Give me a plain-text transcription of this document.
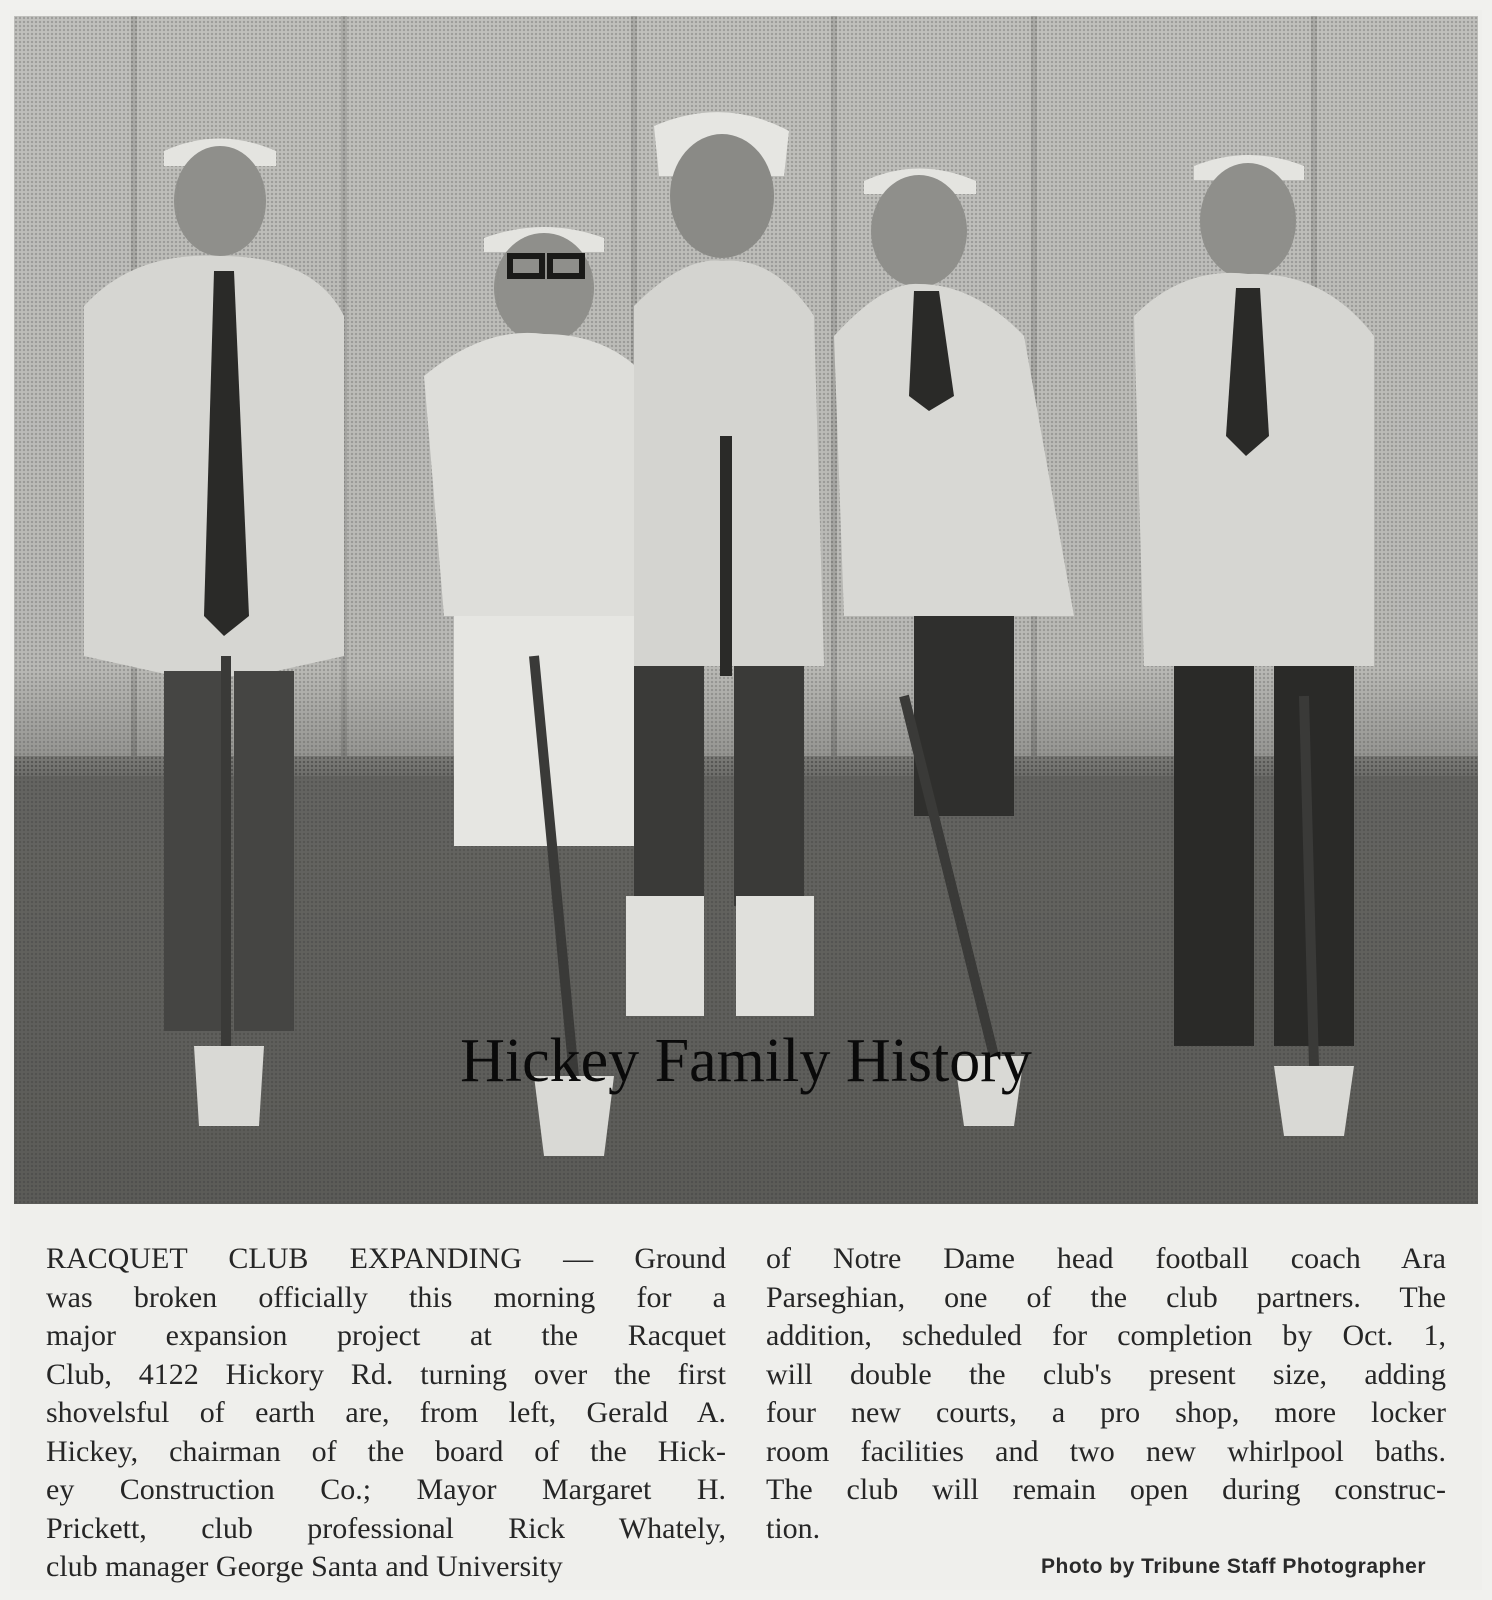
Hickey Family History
RACQUET CLUB EXPANDING — Ground
was broken officially this morning for a
major expansion project at the Racquet
Club, 4122 Hickory Rd. turning over the first
shovelsful of earth are, from left, Gerald A.
Hickey, chairman of the board of the Hick-
ey Construction Co.; Mayor Margaret H.
Prickett, club professional Rick Whately,
club manager George Santa and University
of Notre Dame head football coach Ara
Parseghian, one of the club partners. The
addition, scheduled for completion by Oct. 1,
will double the club's present size, adding
four new courts, a pro shop, more locker
room facilities and two new whirlpool baths.
The club will remain open during construc-
tion.
Photo by Tribune Staff Photographer
